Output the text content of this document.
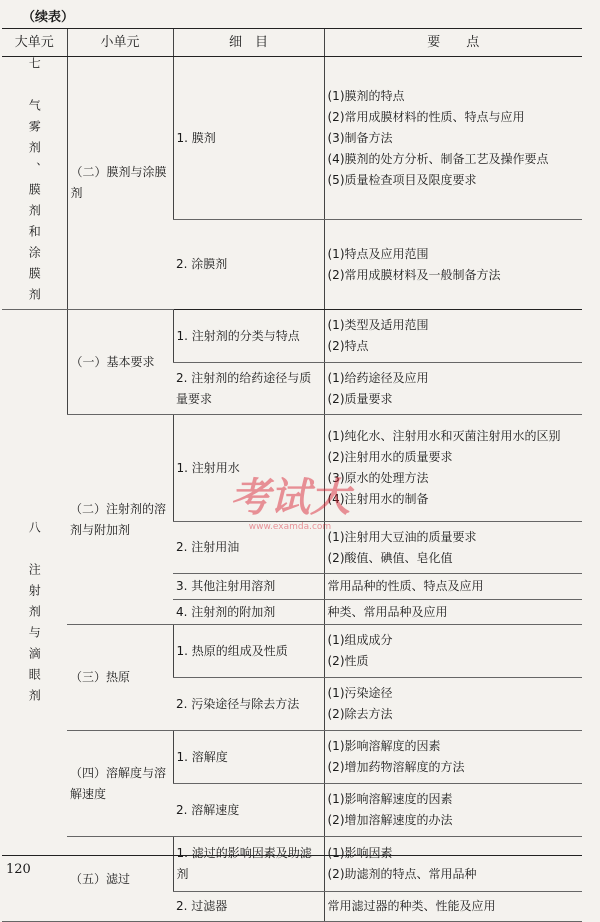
（续表）
大单元	小单元	细　目	要　　点

七　气雾剂、膜剂和涂膜剂	（二）膜剂与涂膜剂	1. 膜剂	(1)膜剂的特点
(2)常用成膜材料的性质、特点与应用
(3)制备方法
(4)膜剂的处方分析、制备工艺及操作要点
(5)质量检查项目及限度要求

		2. 涂膜剂	(1)特点及应用范围
(2)常用成膜材料及一般制备方法

八　注射剂与滴眼剂	（一）基本要求	1. 注射剂的分类与特点	(1)类型及适用范围
(2)特点

		2. 注射剂的给药途径与质量要求	(1)给药途径及应用
(2)质量要求

	（二）注射剂的溶剂与附加剂	1. 注射用水	(1)纯化水、注射用水和灭菌注射用水的区别
(2)注射用水的质量要求
(3)原水的处理方法
(4)注射用水的制备

		2. 注射用油	(1)注射用大豆油的质量要求
(2)酸值、碘值、皂化值

		3. 其他注射用溶剂	常用品种的性质、特点及应用

		4. 注射剂的附加剂	种类、常用品种及应用

	（三）热原	1. 热原的组成及性质	(1)组成成分
(2)性质

		2. 污染途径与除去方法	(1)污染途径
(2)除去方法

	（四）溶解度与溶解速度	1. 溶解度	(1)影响溶解度的因素
(2)增加药物溶解度的方法

		2. 溶解速度	(1)影响溶解速度的因素
(2)增加溶解速度的办法

	（五）滤过	1. 滤过的影响因素及助滤剂	(1)影响因素
(2)助滤剂的特点、常用品种

		2. 过滤器	常用滤过器的种类、性能及应用
考试大
www.examda.com
120
